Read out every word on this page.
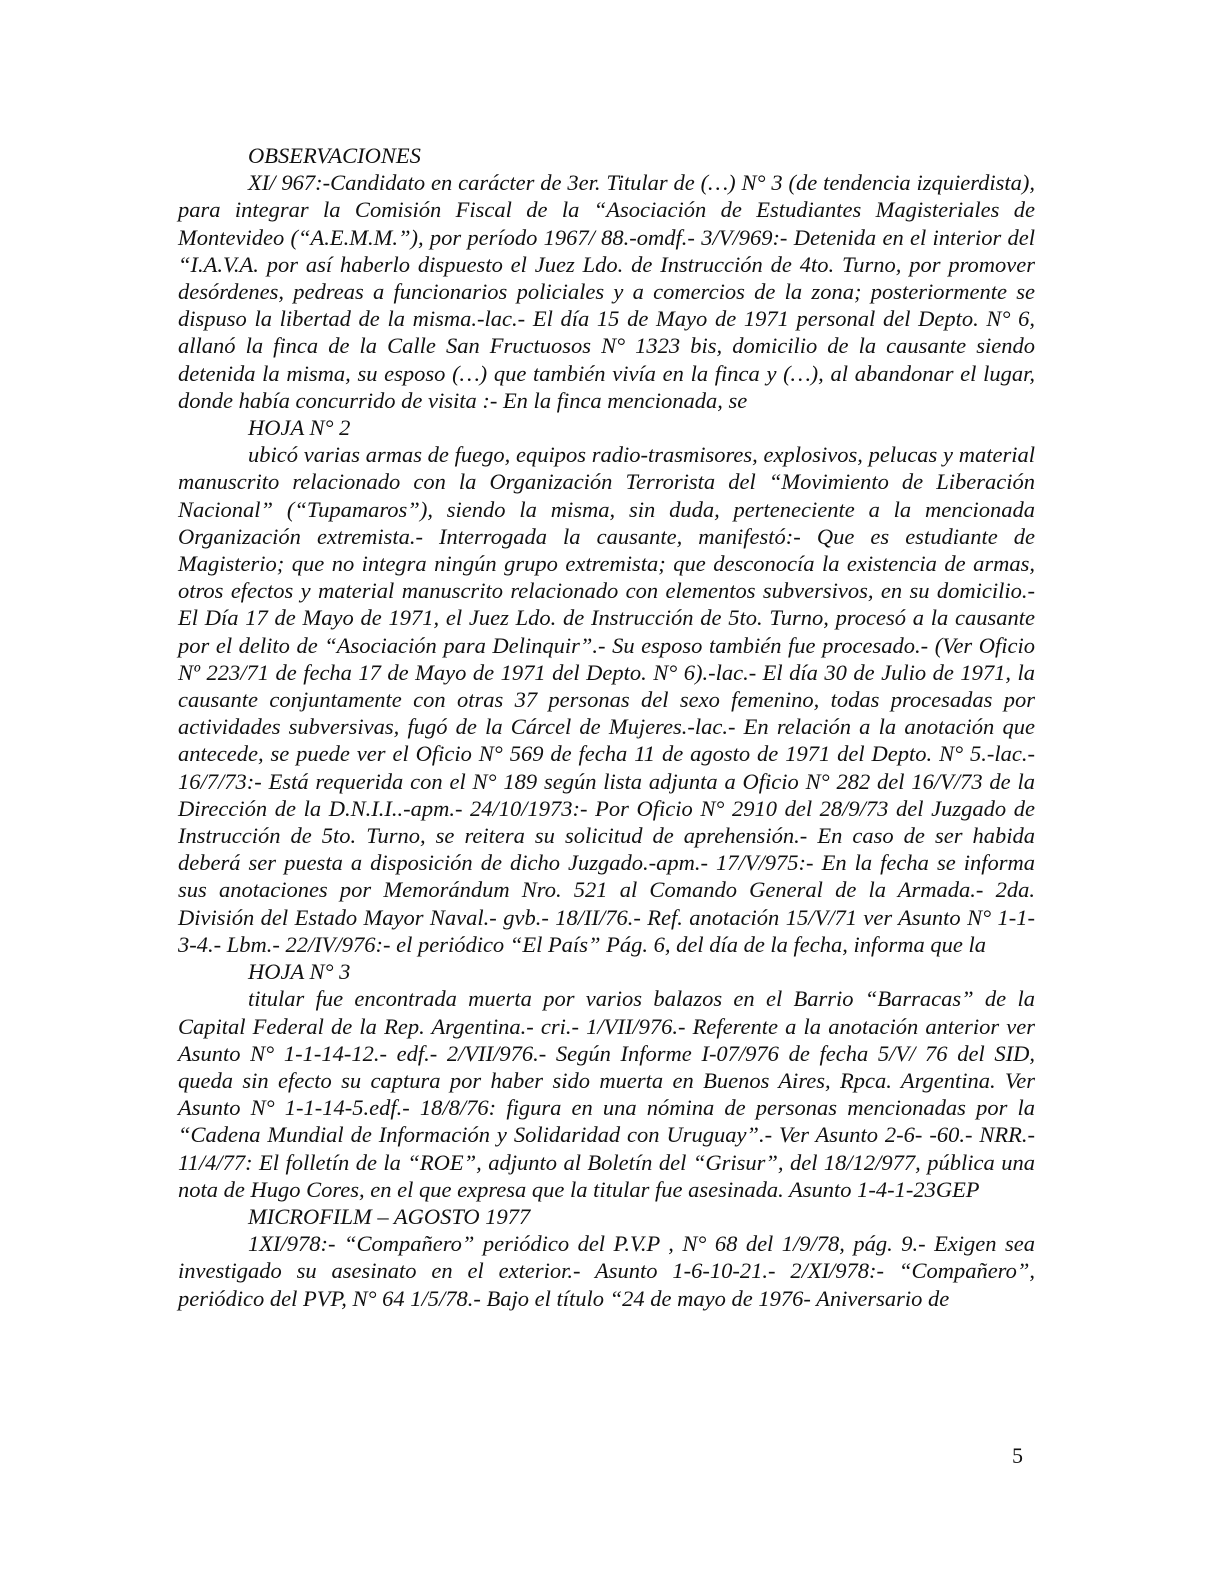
OBSERVACIONES

XI/ 967:-Candidato en carácter de 3er. Titular de (…) N° 3 (de tendencia izquierdista), para integrar la Comisión Fiscal de la “Asociación de Estudiantes Magisteriales de Montevideo (“A.E.M.M.”), por período 1967/ 88.-omdf.- 3/V/969:- Detenida en el interior del “I.A.V.A. por así haberlo dispuesto el Juez Ldo. de Instrucción de 4to. Turno, por promover desórdenes, pedreas a funcionarios policiales y a comercios de la zona; posteriormente se dispuso la libertad de la misma.-lac.- El día 15 de Mayo de 1971 personal del Depto. N° 6, allanó la finca de la Calle San Fructuosos N° 1323 bis, domicilio de la causante siendo detenida la misma, su esposo (…) que también vivía en la finca y (…), al abandonar el lugar, donde había concurrido de visita :- En la finca mencionada, se

HOJA N° 2

ubicó varias armas de fuego, equipos radio-trasmisores, explosivos, pelucas y material manuscrito relacionado con la Organización Terrorista del “Movimiento de Liberación Nacional” (“Tupamaros”), siendo la misma, sin duda, perteneciente a la mencionada Organización extremista.- Interrogada la causante, manifestó:- Que es estudiante de Magisterio; que no integra ningún grupo extremista; que desconocía la existencia de armas, otros efectos y material manuscrito relacionado con elementos subversivos, en su domicilio.- El Día 17 de Mayo de 1971, el Juez Ldo. de Instrucción de 5to. Turno, procesó a la causante por el delito de “Asociación para Delinquir”.- Su esposo también fue procesado.- (Ver Oficio Nº 223/71 de fecha 17 de Mayo de 1971 del Depto. N° 6).-lac.- El día 30 de Julio de 1971, la causante conjuntamente con otras 37 personas del sexo femenino, todas procesadas por actividades subversivas, fugó de la Cárcel de Mujeres.-lac.- En relación a la anotación que antecede, se puede ver el Oficio N° 569 de fecha 11 de agosto de 1971 del Depto. N° 5.-lac.- 16/7/73:- Está requerida con el N° 189 según lista adjunta a Oficio N° 282 del 16/V/73 de la Dirección de la D.N.I.I..-apm.- 24/10/1973:- Por Oficio N° 2910 del 28/9/73 del Juzgado de Instrucción de 5to. Turno, se reitera su solicitud de aprehensión.- En caso de ser habida deberá ser puesta a disposición de dicho Juzgado.-apm.- 17/V/975:- En la fecha se informa sus anotaciones por Memorándum Nro. 521 al Comando General de la Armada.- 2da. División del Estado Mayor Naval.- gvb.- 18/II/76.- Ref. anotación 15/V/71 ver Asunto N° 1-1-3-4.- Lbm.- 22/IV/976:- el periódico “El País” Pág. 6, del día de la fecha, informa que la

HOJA N° 3

titular fue encontrada muerta por varios balazos en el Barrio “Barracas” de la Capital Federal de la Rep. Argentina.- cri.- 1/VII/976.- Referente a la anotación anterior ver Asunto N° 1-1-14-12.- edf.- 2/VII/976.- Según Informe I-07/976 de fecha 5/V/ 76 del SID, queda sin efecto su captura por haber sido muerta en Buenos Aires, Rpca. Argentina. Ver Asunto N° 1-1-14-5.edf.- 18/8/76: figura en una nómina de personas mencionadas por la “Cadena Mundial de Información y Solidaridad con Uruguay”.- Ver Asunto 2-6- -60.- NRR.- 11/4/77: El folletín de la “ROE”, adjunto al Boletín del “Grisur”, del 18/12/977, pública una nota de Hugo Cores, en el que expresa que la titular fue asesinada. Asunto 1-4-1-23GEP

MICROFILM – AGOSTO 1977

1XI/978:- “Compañero” periódico del P.V.P , N° 68 del 1/9/78, pág. 9.- Exigen sea investigado su asesinato en el exterior.- Asunto 1-6-10-21.- 2/XI/978:- “Compañero”, periódico del PVP, N° 64 1/5/78.- Bajo el título “24 de mayo de 1976- Aniversario de

5
